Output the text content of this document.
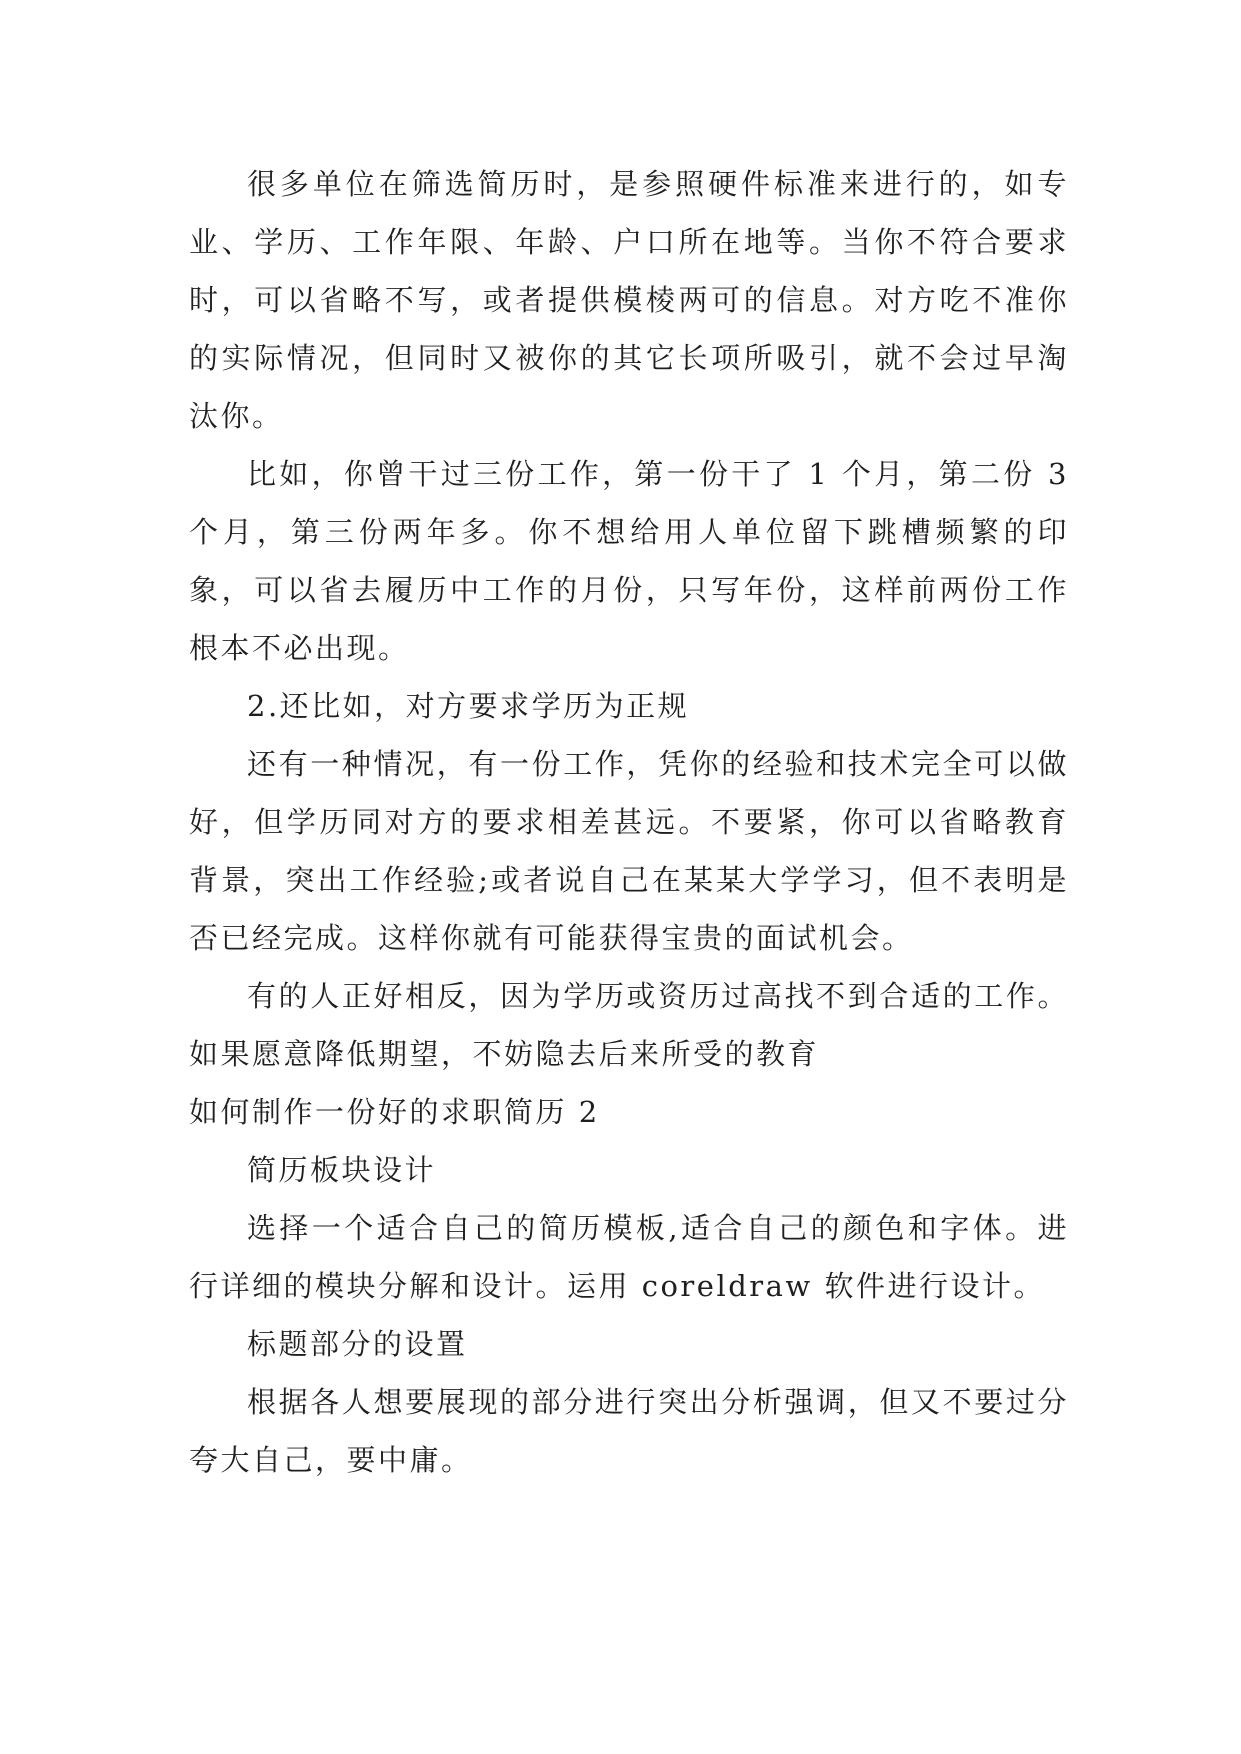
很多单位在筛选简历时，是参照硬件标准来进行的，如专业、学历、工作年限、年龄、户口所在地等。当你不符合要求时，可以省略不写，或者提供模棱两可的信息。对方吃不准你的实际情况，但同时又被你的其它长项所吸引，就不会过早淘汰你。

比如，你曾干过三份工作，第一份干了 1 个月，第二份 3 个月，第三份两年多。你不想给用人单位留下跳槽频繁的印象，可以省去履历中工作的月份，只写年份，这样前两份工作根本不必出现。

2.还比如，对方要求学历为正规

还有一种情况，有一份工作，凭你的经验和技术完全可以做好，但学历同对方的要求相差甚远。不要紧，你可以省略教育背景，突出工作经验;或者说自己在某某大学学习，但不表明是否已经完成。这样你就有可能获得宝贵的面试机会。

有的人正好相反，因为学历或资历过高找不到合适的工作。如果愿意降低期望，不妨隐去后来所受的教育

如何制作一份好的求职简历 2

简历板块设计

选择一个适合自己的简历模板,适合自己的颜色和字体。进行详细的模块分解和设计。运用 coreldraw 软件进行设计。

标题部分的设置

根据各人想要展现的部分进行突出分析强调，但又不要过分夸大自己，要中庸。
